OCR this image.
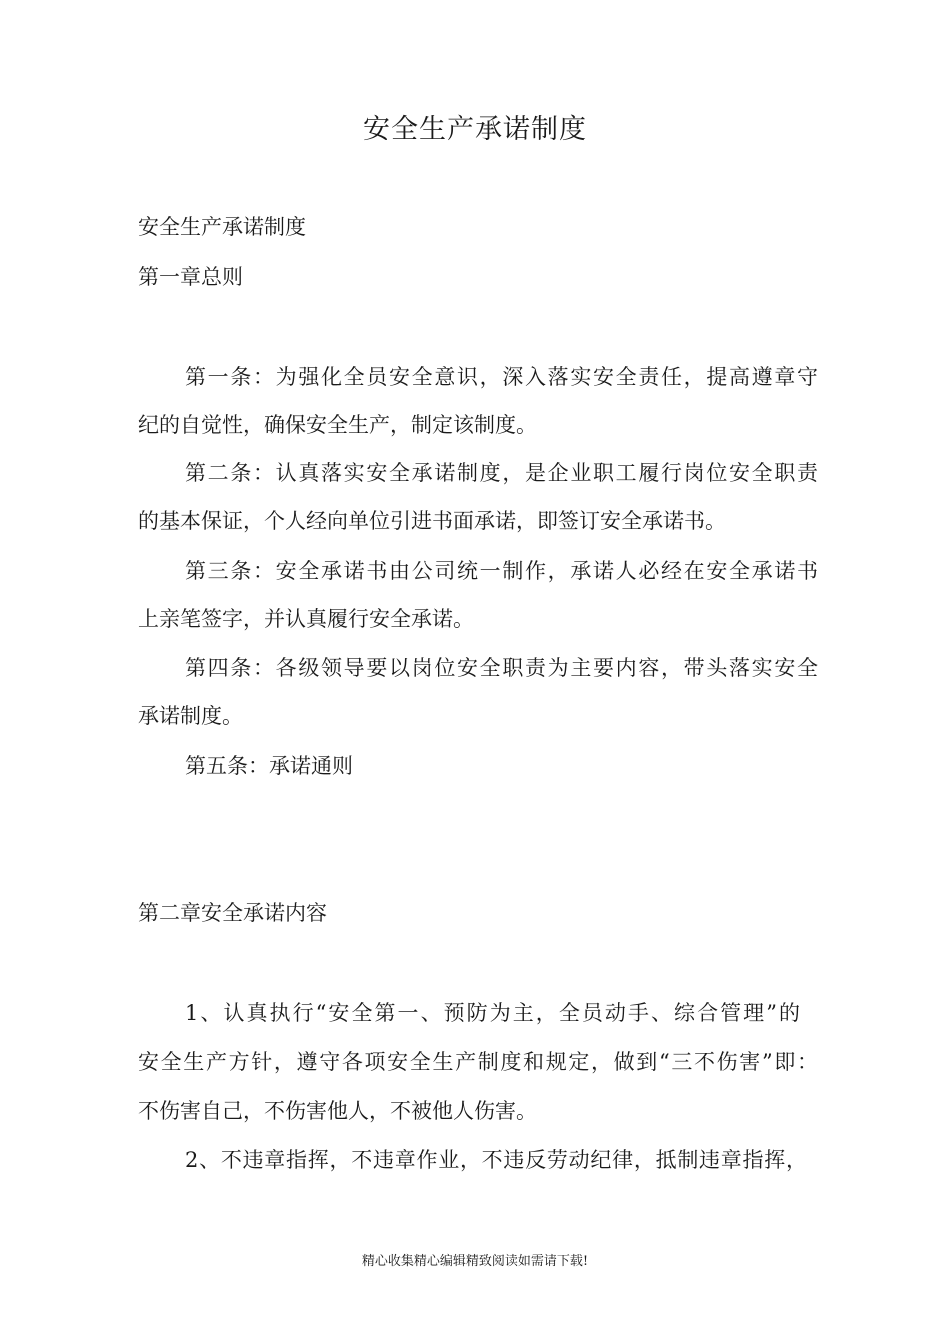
安全生产承诺制度
安全生产承诺制度
第一章总则
第一条：为强化全员安全意识，深入落实安全责任，提高遵章守
纪的自觉性，确保安全生产，制定该制度。
第二条：认真落实安全承诺制度，是企业职工履行岗位安全职责
的基本保证，个人经向单位引进书面承诺，即签订安全承诺书。
第三条：安全承诺书由公司统一制作，承诺人必经在安全承诺书
上亲笔签字，并认真履行安全承诺。
第四条：各级领导要以岗位安全职责为主要内容，带头落实安全
承诺制度。
第五条：承诺通则
第二章安全承诺内容
1、认真执行“安全第一、预防为主，全员动手、综合管理”的
安全生产方针，遵守各项安全生产制度和规定，做到“三不伤害”即：
不伤害自己，不伤害他人，不被他人伤害。
2、不违章指挥，不违章作业，不违反劳动纪律，抵制违章指挥，
精心收集精心编辑精致阅读如需请下载!
